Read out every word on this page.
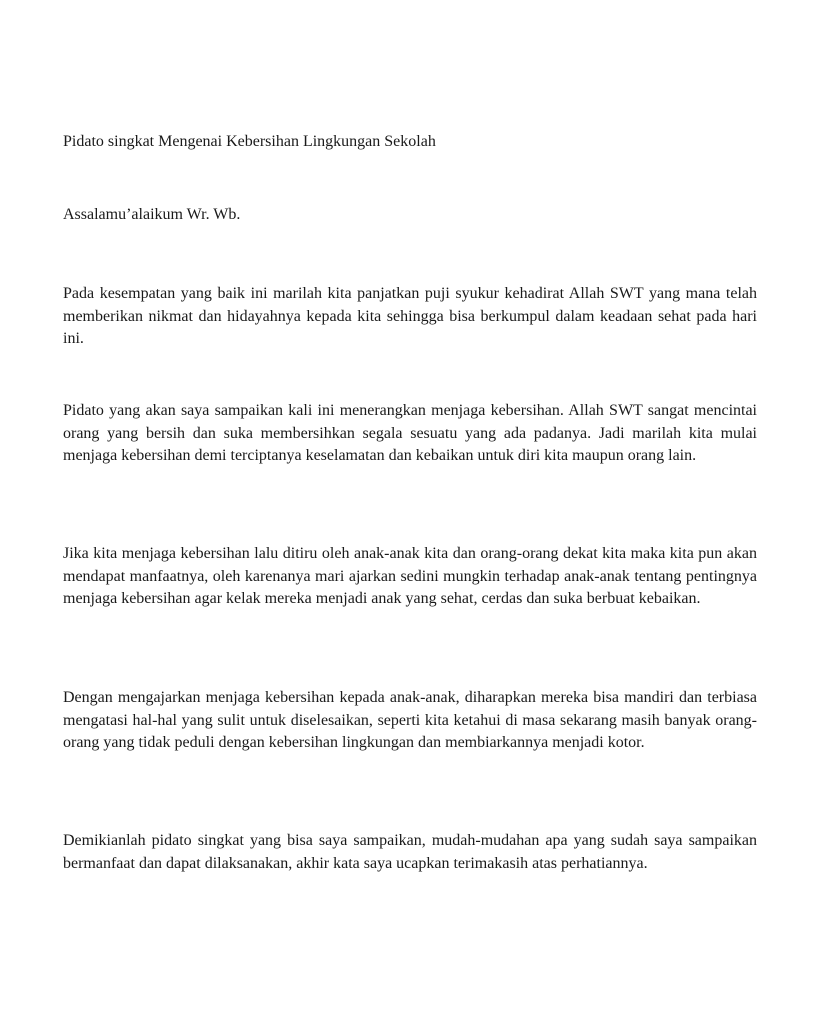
Pidato singkat Mengenai Kebersihan Lingkungan Sekolah
Assalamu’alaikum Wr. Wb.

Pada kesempatan yang baik ini marilah kita panjatkan puji syukur kehadirat Allah SWT yang mana telah memberikan nikmat dan hidayahnya kepada kita sehingga bisa berkumpul dalam keadaan sehat pada hari ini.

Pidato yang akan saya sampaikan kali ini menerangkan menjaga kebersihan. Allah SWT sangat mencintai orang yang bersih dan suka membersihkan segala sesuatu yang ada padanya. Jadi marilah kita mulai menjaga kebersihan demi terciptanya keselamatan dan kebaikan untuk diri kita maupun orang lain.

Jika kita menjaga kebersihan lalu ditiru oleh anak-anak kita dan orang-orang dekat kita maka kita pun akan mendapat manfaatnya, oleh karenanya mari ajarkan sedini mungkin terhadap anak-anak tentang pentingnya menjaga kebersihan agar kelak mereka menjadi anak yang sehat, cerdas dan suka berbuat kebaikan.

Dengan mengajarkan menjaga kebersihan kepada anak-anak, diharapkan mereka bisa mandiri dan terbiasa mengatasi hal-hal yang sulit untuk diselesaikan, seperti kita ketahui di masa sekarang masih banyak orang-orang yang tidak peduli dengan kebersihan lingkungan dan membiarkannya menjadi kotor.

Demikianlah pidato singkat yang bisa saya sampaikan, mudah-mudahan apa yang sudah saya sampaikan bermanfaat dan dapat dilaksanakan, akhir kata saya ucapkan terimakasih atas perhatiannya.
